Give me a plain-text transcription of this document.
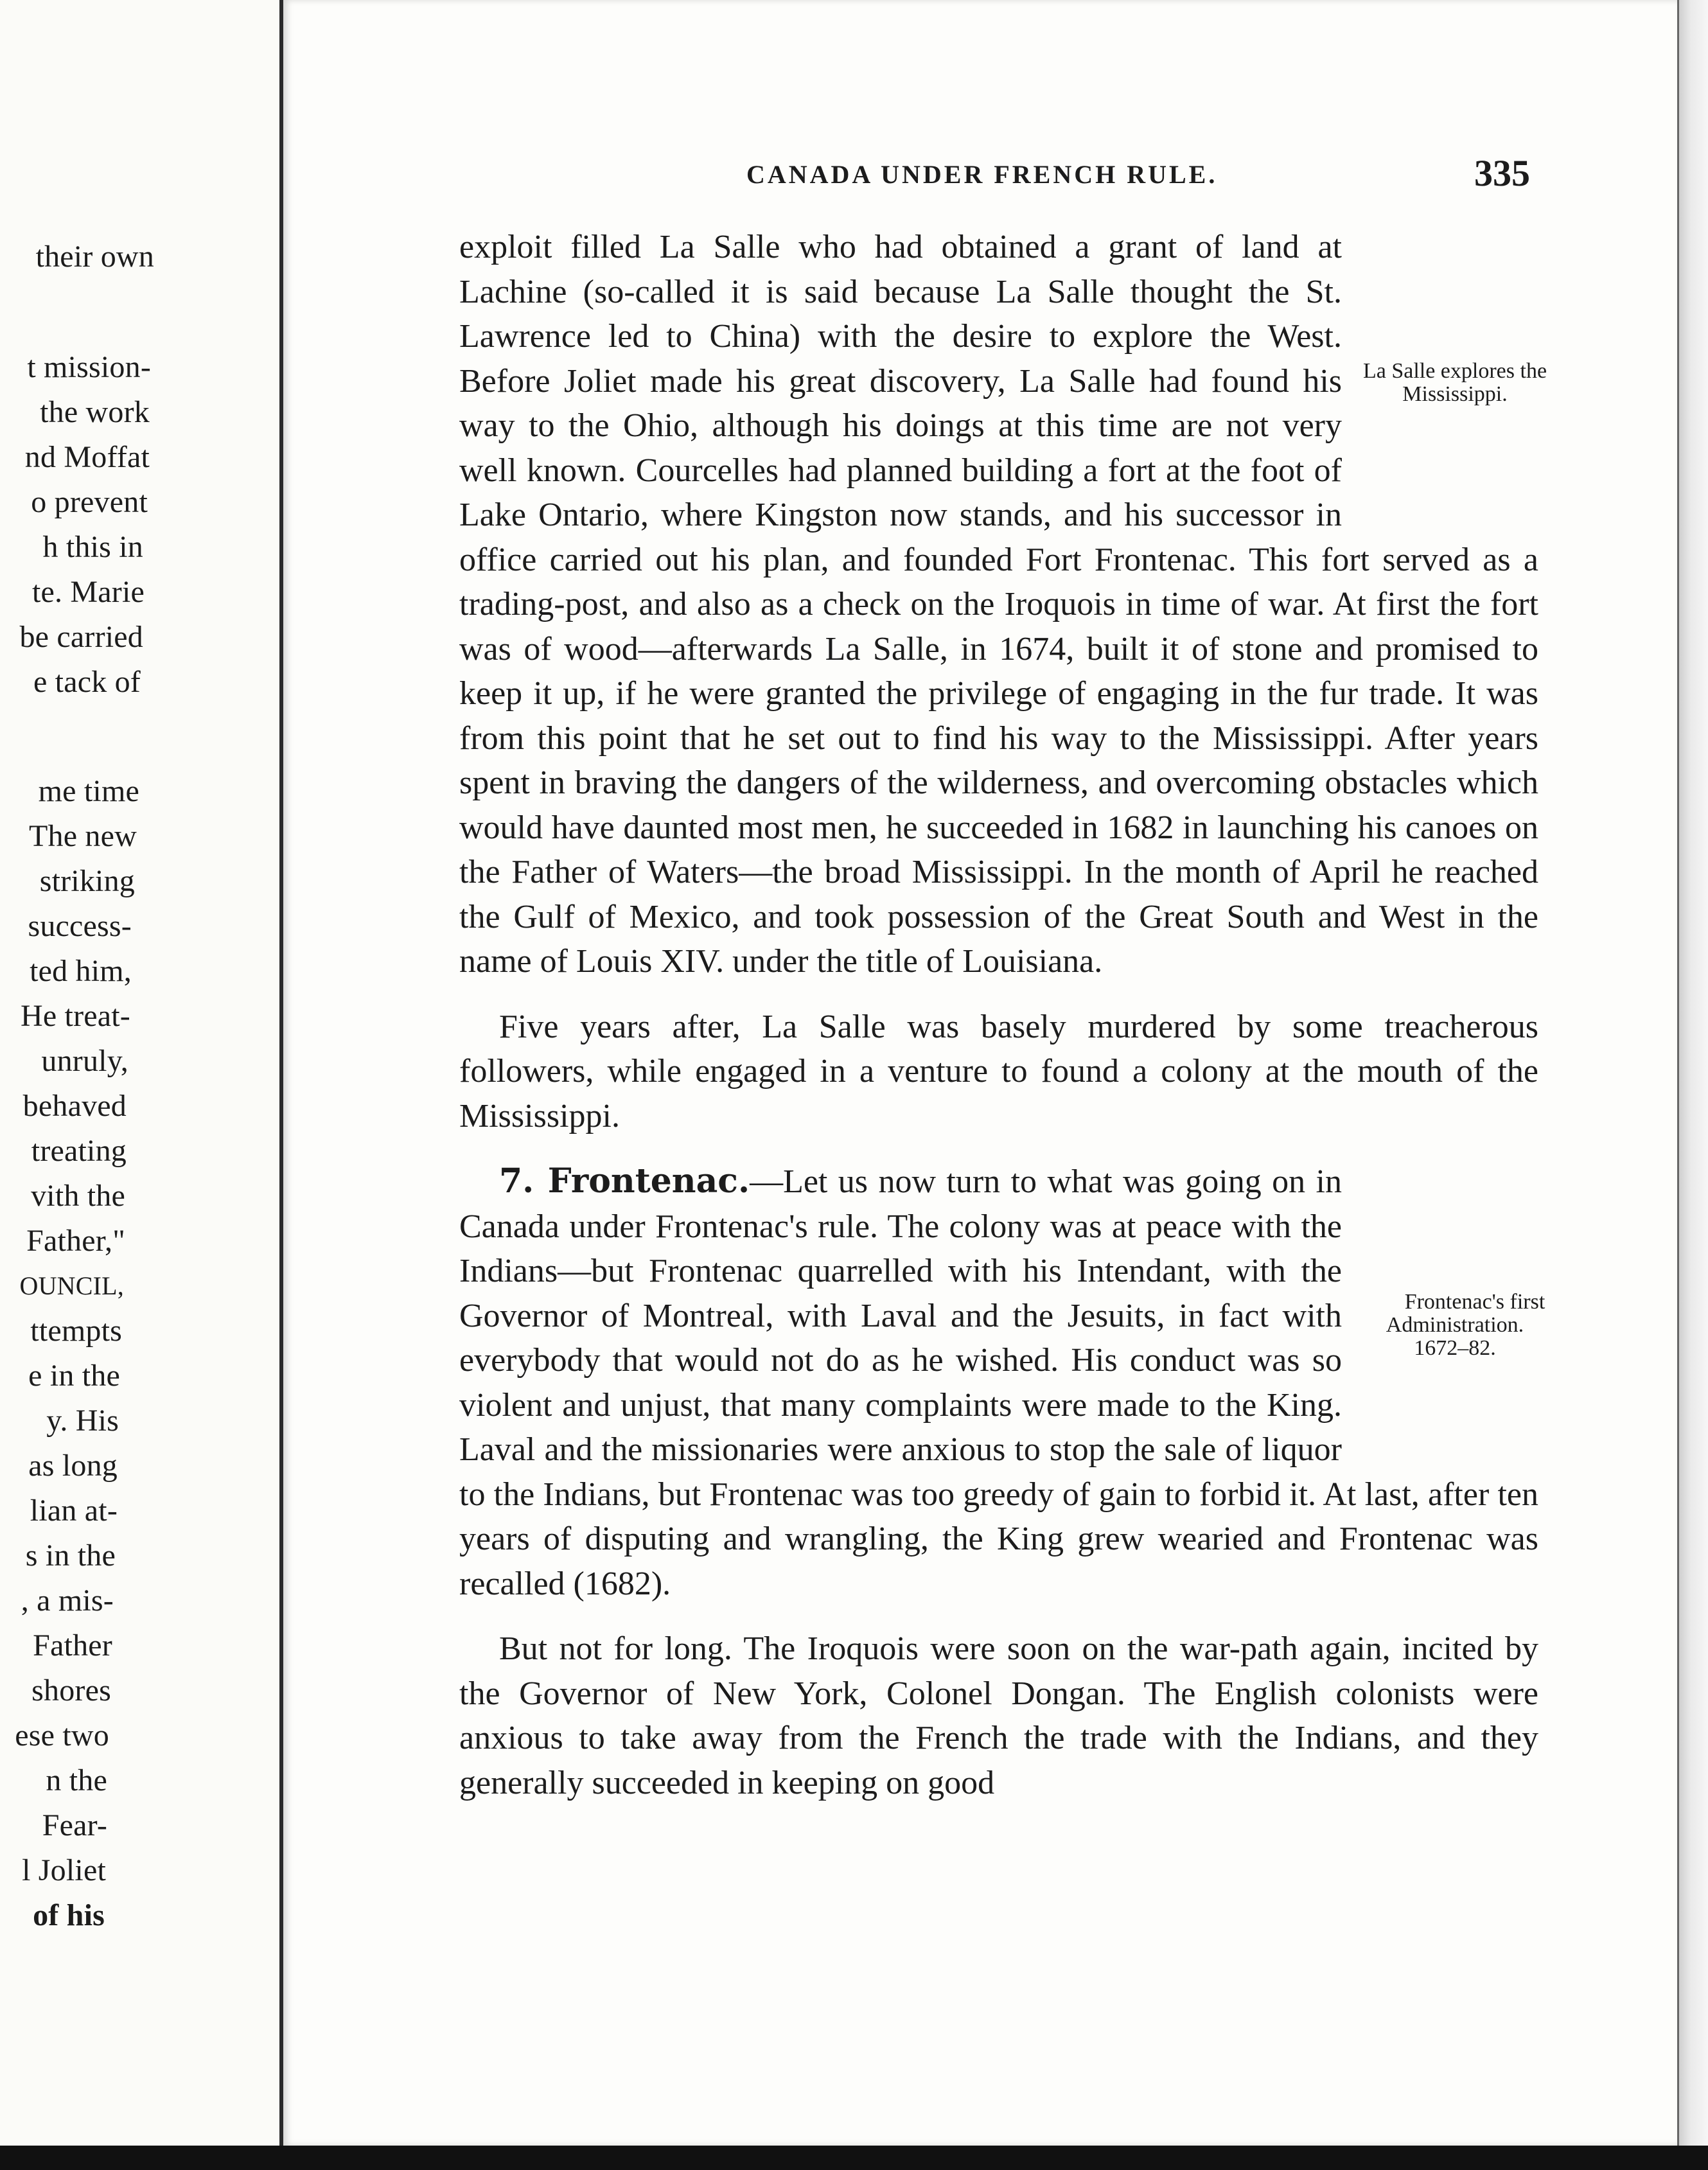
their own
t mission-
the work
nd Moffat
o prevent
h this in
te. Marie
be carried
e tack of
me time
The new
striking
success-
ted him,
He treat-
unruly,
behaved
treating
vith the
Father,"
OUNCIL,
ttempts
e in the
y. His
as long
lian at-
s in the
, a mis-
Father
shores
ese two
n the
Fear-
l Joliet
of his
CANADA UNDER FRENCH RULE.	335

La Salle explores the Mississippi.
exploit filled La Salle who had obtained a grant of land at Lachine (so-called it is said because La Salle thought the St. Lawrence led to China) with the desire to explore the West. Before Joliet made his great discovery, La Salle had found his way to the Ohio, although his doings at this time are not very well known. Courcelles had planned building a fort at the foot of Lake Ontario, where Kingston now stands, and his successor in office carried out his plan, and founded Fort Frontenac. This fort served as a trading-post, and also as a check on the Iroquois in time of war. At first the fort was of wood—afterwards La Salle, in 1674, built it of stone and promised to keep it up, if he were granted the privilege of engaging in the fur trade. It was from this point that he set out to find his way to the Mississippi. After years spent in braving the dangers of the wilderness, and overcoming obstacles which would have daunted most men, he succeeded in 1682 in launching his canoes on the Father of Waters—the broad Mississippi. In the month of April he reached the Gulf of Mexico, and took possession of the Great South and West in the name of Louis XIV. under the title of Louisiana.

Five years after, La Salle was basely murdered by some treacherous followers, while engaged in a venture to found a colony at the mouth of the Mississippi.

Frontenac's first Administration. 1672–82.
7. Frontenac.—Let us now turn to what was going on in Canada under Frontenac's rule. The colony was at peace with the Indians—but Frontenac quarrelled with his Intendant, with the Governor of Montreal, with Laval and the Jesuits, in fact with everybody that would not do as he wished. His conduct was so violent and unjust, that many complaints were made to the King. Laval and the missionaries were anxious to stop the sale of liquor to the Indians, but Frontenac was too greedy of gain to forbid it. At last, after ten years of disputing and wrangling, the King grew wearied and Frontenac was recalled (1682).

But not for long. The Iroquois were soon on the war-path again, incited by the Governor of New York, Colonel Dongan. The English colonists were anxious to take away from the French the trade with the Indians, and they generally succeeded in keeping on good
